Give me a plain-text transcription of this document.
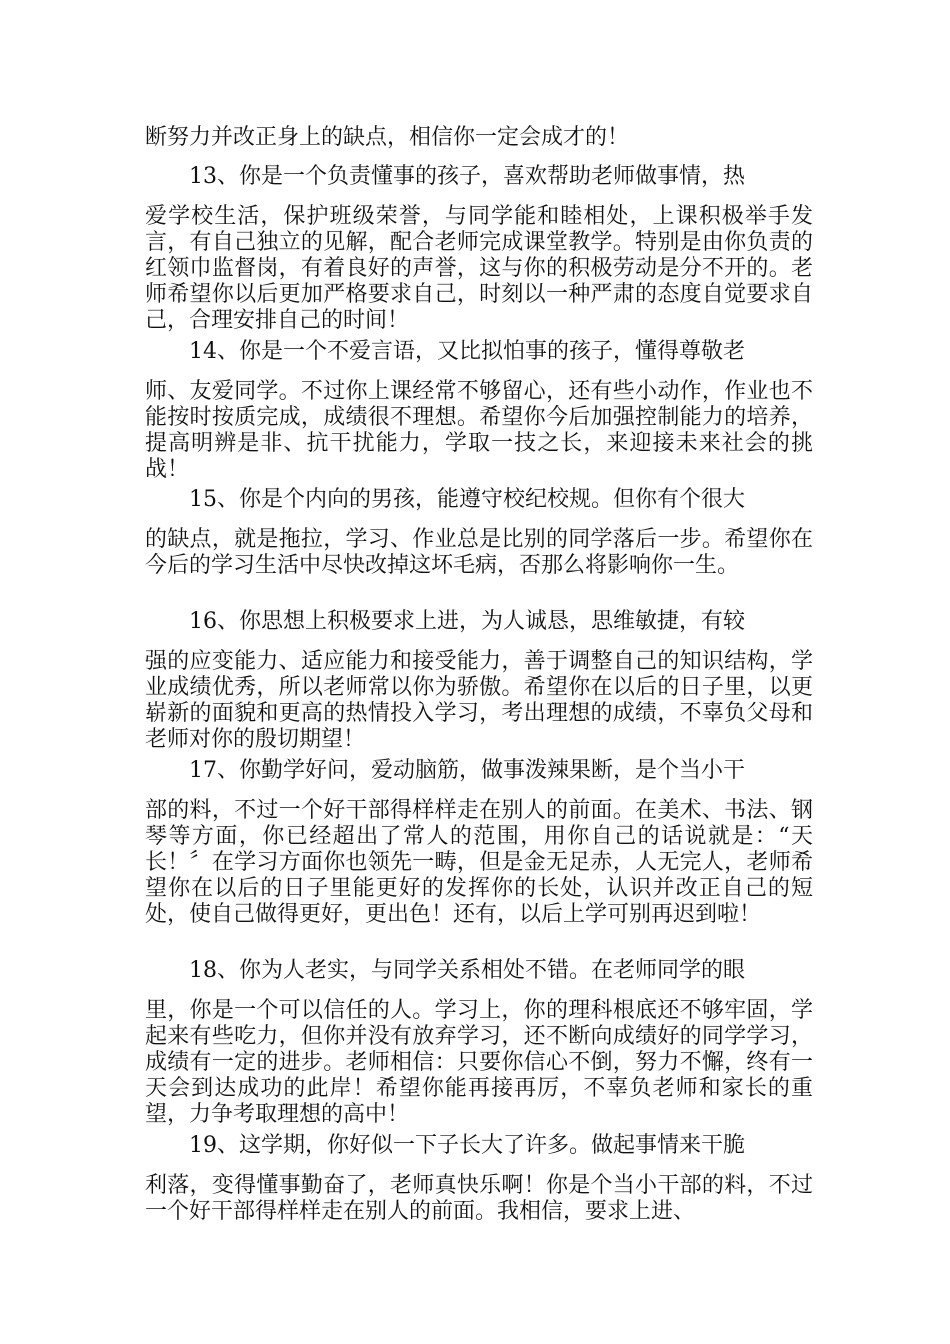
断努力并改正身上的缺点，相信你一定会成才的！

13、你是一个负责懂事的孩子，喜欢帮助老师做事情，热
爱学校生活，保护班级荣誉，与同学能和睦相处，上课积极举手发言，有自己独立的见解，配合老师完成课堂教学。特别是由你负责的红领巾监督岗，有着良好的声誉，这与你的积极劳动是分不开的。老师希望你以后更加严格要求自己，时刻以一种严肃的态度自觉要求自己，合理安排自己的时间！

14、你是一个不爱言语，又比拟怕事的孩子，懂得尊敬老
师、友爱同学。不过你上课经常不够留心，还有些小动作，作业也不能按时按质完成，成绩很不理想。希望你今后加强控制能力的培养，提高明辨是非、抗干扰能力，学取一技之长，来迎接未来社会的挑战！

15、你是个内向的男孩，能遵守校纪校规。但你有个很大
的缺点，就是拖拉，学习、作业总是比别的同学落后一步。希望你在今后的学习生活中尽快改掉这坏毛病，否那么将影响你一生。

16、你思想上积极要求上进，为人诚恳，思维敏捷，有较
强的应变能力、适应能力和接受能力，善于调整自己的知识结构，学业成绩优秀，所以老师常以你为骄傲。希望你在以后的日子里，以更崭新的面貌和更高的热情投入学习，考出理想的成绩，不辜负父母和老师对你的殷切期望！

17、你勤学好问，爱动脑筋，做事泼辣果断，是个当小干
部的料，不过一个好干部得样样走在别人的前面。在美术、书法、钢琴等方面，你已经超出了常人的范围，用你自己的话说就是：“天长！〞在学习方面你也领先一畴，但是金无足赤，人无完人，老师希望你在以后的日子里能更好的发挥你的长处，认识并改正自己的短处，使自己做得更好，更出色！还有，以后上学可别再迟到啦！

18、你为人老实，与同学关系相处不错。在老师同学的眼
里，你是一个可以信任的人。学习上，你的理科根底还不够牢固，学起来有些吃力，但你并没有放弃学习，还不断向成绩好的同学学习，成绩有一定的进步。老师相信：只要你信心不倒，努力不懈，终有一天会到达成功的此岸！希望你能再接再厉，不辜负老师和家长的重望，力争考取理想的高中！

19、这学期，你好似一下子长大了许多。做起事情来干脆
利落，变得懂事勤奋了，老师真快乐啊！你是个当小干部的料，不过一个好干部得样样走在别人的前面。我相信，要求上进、
